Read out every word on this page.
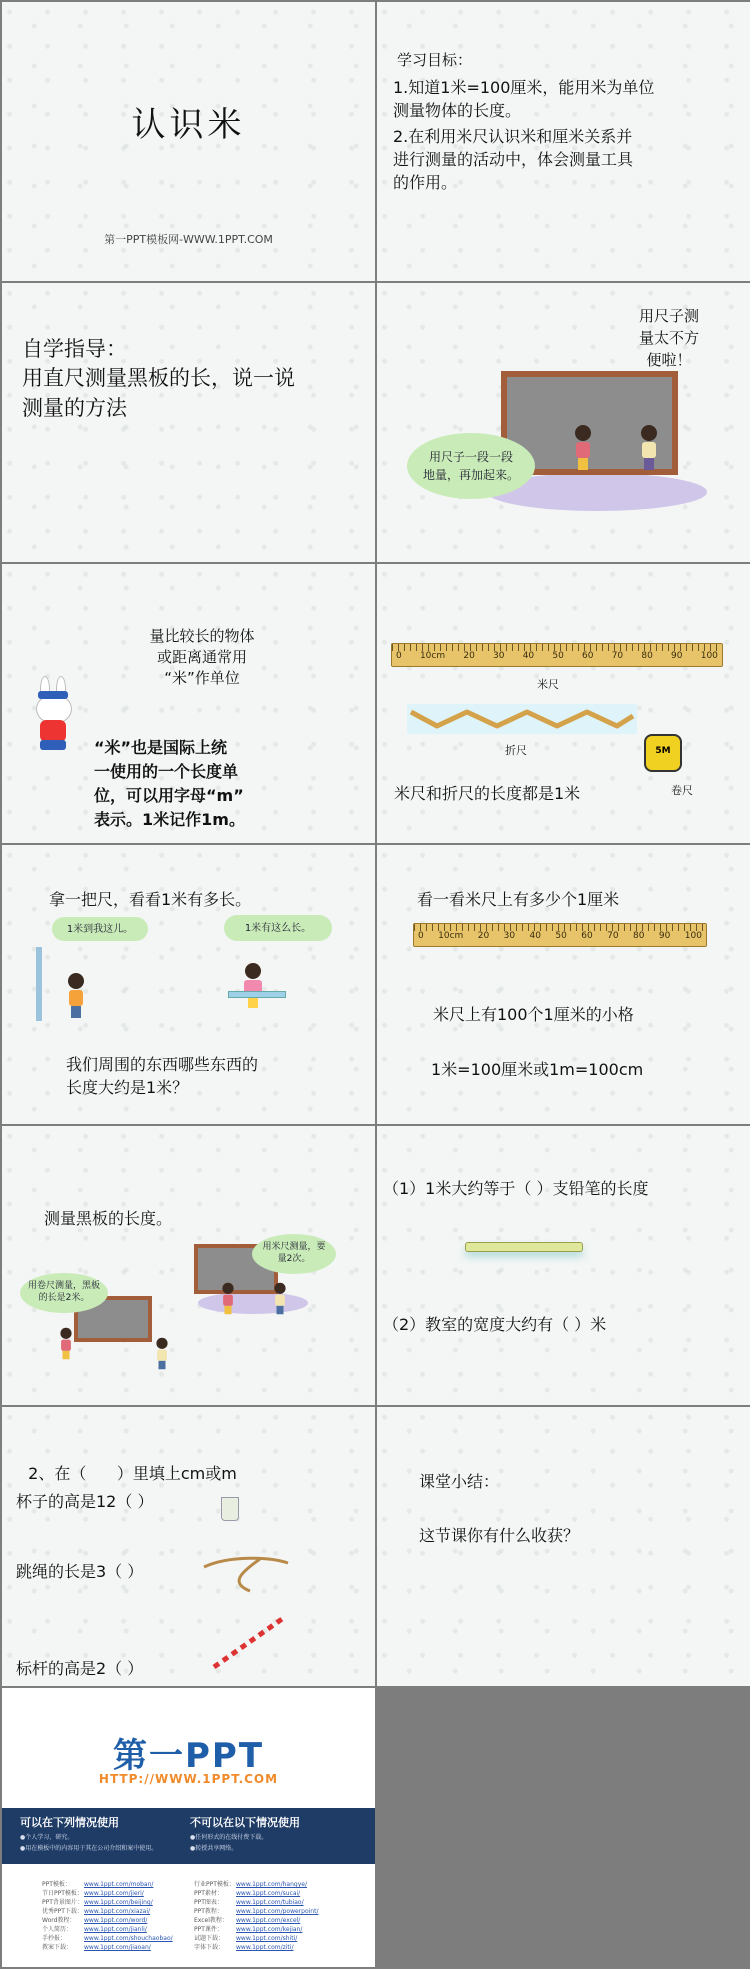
认识米
第一PPT模板网-WWW.1PPT.COM
学习目标：
1.知道1米=100厘米，能用米为单位
测量物体的长度。
2.在利用米尺认识米和厘米关系并
进行测量的活动中，体会测量工具
的作用。
自学指导：
用直尺测量黑板的长，说一说
测量的方法
用尺子测
量太不方
便啦！
用尺子一段一段
地量，再加起来。
量比较长的物体
或距离通常用
“米”作单位
“米”也是国际上统
一使用的一个长度单
位，可以用字母“m”
表示。1米记作1m。
0 10cm 20 30 40 50 60 70 80 90 100
米尺
折尺	5M
卷尺
米尺和折尺的长度都是1米
拿一把尺，看看1米有多长。
1米到我这儿。	1米有这么长。
我们周围的东西哪些东西的
长度大约是1米？
看一看米尺上有多少个1厘米
0 10cm 20 30 40 50 60 70 80 90 100
米尺上有100个1厘米的小格
1米=100厘米或1m=100cm
测量黑板的长度。
用米尺测量，要
量2次。
用卷尺测量，黑板
的长是2米。
（1）1米大约等于（ ）支铅笔的长度
（2）教室的宽度大约有（ ）米
2、在（      ）里填上cm或m
杯子的高是12（ ）
跳绳的长是3（ ）
标杆的高是2（ ）
课堂小结：
这节课你有什么收获？
第一PPT
HTTP://WWW.1PPT.COM
可以在下列情况使用
●个人学习、研究。
●用在模板中的内容用于其在公司介绍和案中使用。
不可以在以下情况使用
●任何形式的在线付费下载。
●转授共享网络。
PPT模板： www.1ppt.com/moban/
节日PPT模板：www.1ppt.com/jieri/
PPT背景图片：www.1ppt.com/beijing/
优秀PPT下载：www.1ppt.com/xiazai/
Word教程： www.1ppt.com/word/
个人简历： www.1ppt.com/jianli/
手抄报：	www.1ppt.com/shouchaobao/
教案下载： www.1ppt.com/jiaoan/
行业PPT模板：www.1ppt.com/hangye/
PPT素材： www.1ppt.com/sucai/
PPT图表： www.1ppt.com/tubiao/
PPT教程： www.1ppt.com/powerpoint/
Excel教程： www.1ppt.com/excel/
PPT课件： www.1ppt.com/kejian/
试题下载： www.1ppt.com/shiti/
字体下载： www.1ppt.com/ziti/
